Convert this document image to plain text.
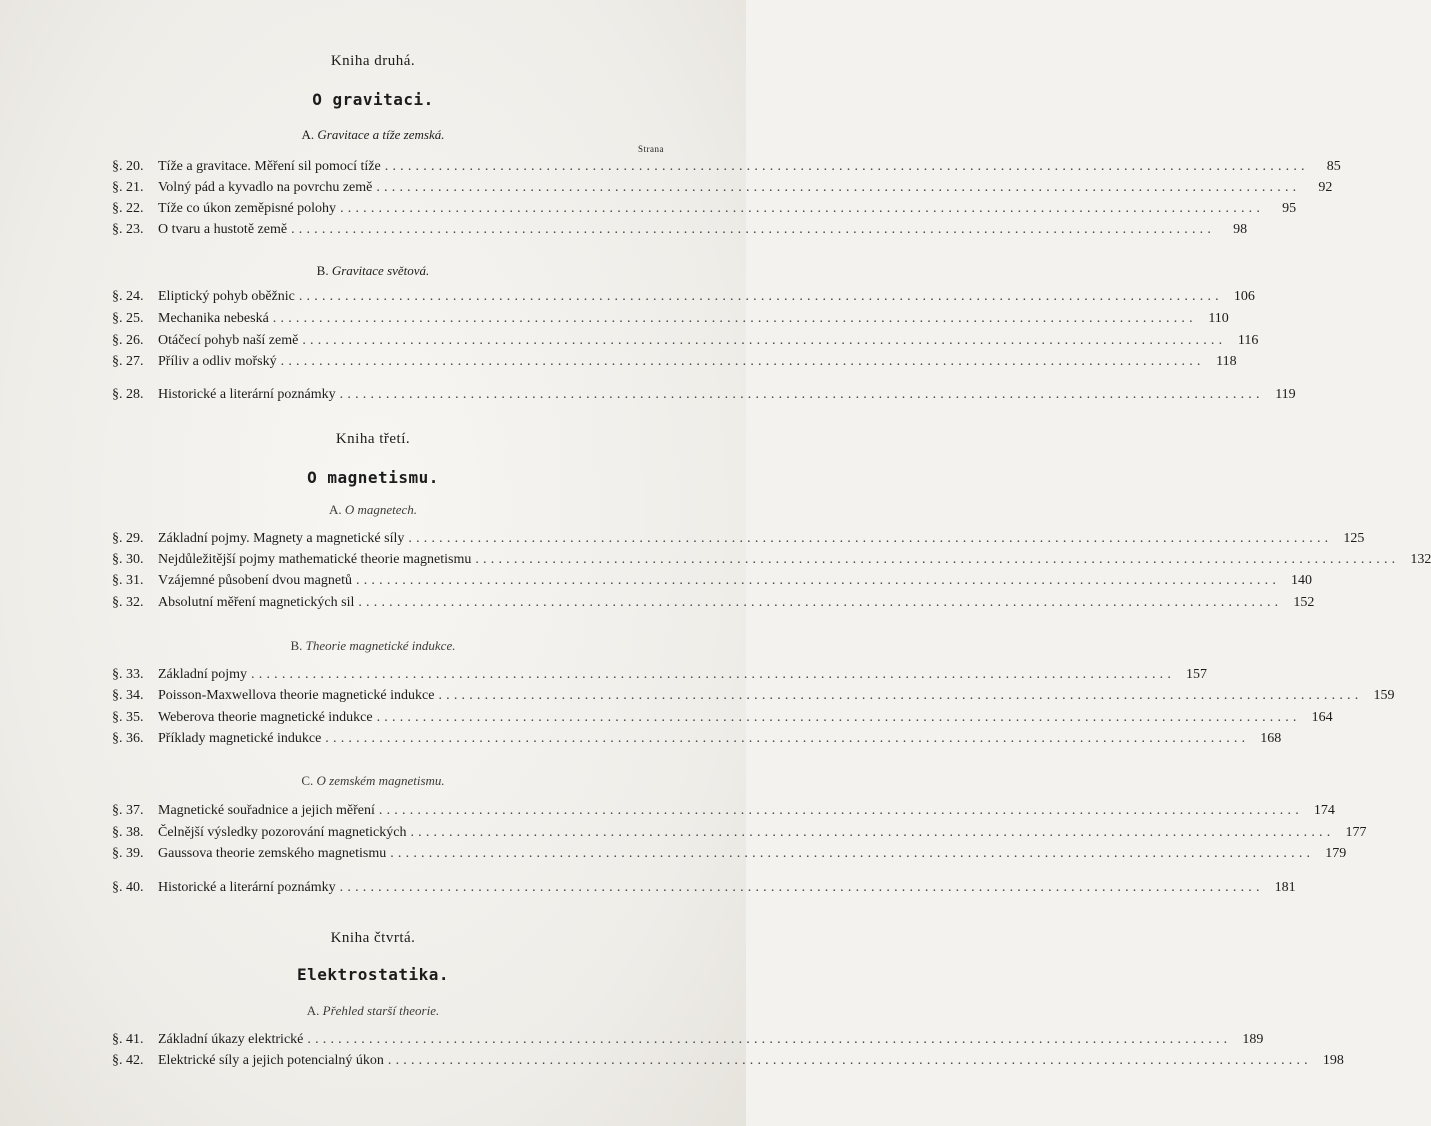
Kniha druhá.
O gravitaci.
A. Gravitace a tíže zemská.
Strana
§. 20.	Tíže a gravitace. Měření sil pomocí tíže ........................................................................................................................	85
§. 21.	Volný pád a kyvadlo na povrchu země ........................................................................................................................	92
§. 22.	Tíže co úkon zeměpisné polohy ........................................................................................................................	95
§. 23.	O tvaru a hustotě země ........................................................................................................................	98
B. Gravitace světová.
§. 24.	Eliptický pohyb oběžnic ........................................................................................................................ 106
§. 25.	Mechanika nebeská ........................................................................................................................ 110
§. 26.	Otáčecí pohyb naší země ........................................................................................................................ 116
§. 27.	Příliv a odliv mořský ........................................................................................................................ 118
§. 28.	Historické a literární poznámky ........................................................................................................................ 119
Kniha třetí.
O magnetismu.
A. O magnetech.
§. 29.	Základní pojmy. Magnety a magnetické síly ........................................................................................................................ 125
§. 30.	Nejdůležitější pojmy mathematické theorie magnetismu ........................................................................................................................ 132
§. 31.	Vzájemné působení dvou magnetů ........................................................................................................................ 140
§. 32.	Absolutní měření magnetických sil ........................................................................................................................ 152
B. Theorie magnetické indukce.
§. 33.	Základní pojmy ........................................................................................................................ 157
§. 34.	Poisson-Maxwellova theorie magnetické indukce ........................................................................................................................ 159
§. 35.	Weberova theorie magnetické indukce ........................................................................................................................ 164
§. 36.	Příklady magnetické indukce ........................................................................................................................ 168
C. O zemském magnetismu.
§. 37.	Magnetické souřadnice a jejich měření ........................................................................................................................ 174
§. 38.	Čelnější výsledky pozorování magnetických ........................................................................................................................ 177
§. 39.	Gaussova theorie zemského magnetismu ........................................................................................................................ 179
§. 40.	Historické a literární poznámky ........................................................................................................................ 181
Kniha čtvrtá.
Elektrostatika.
A. Přehled starší theorie.
§. 41.	Základní úkazy elektrické ........................................................................................................................ 189
§. 42.	Elektrické síly a jejich potencialný úkon ........................................................................................................................ 198
